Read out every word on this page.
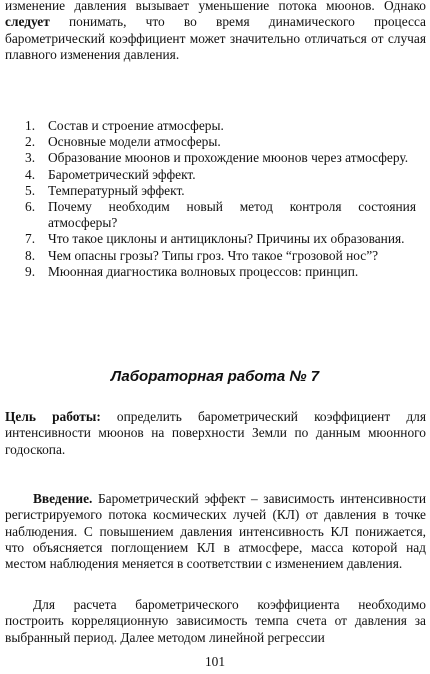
изменение давления вызывает уменьшение потока мюонов. Однако следует понимать, что во время динамического процесса барометрический коэффициент может значительно отличаться от случая плавного изменения давления.

1. Состав и строение атмосферы.
2. Основные модели атмосферы.
3. Образование мюонов и прохождение мюонов через атмосферу.
4. Барометрический эффект.
5. Температурный эффект.
6. Почему необходим новый метод контроля состояния атмосферы?
7. Что такое циклоны и антициклоны? Причины их образования.
8. Чем опасны грозы? Типы гроз. Что такое “грозовой нос”?
9. Мюонная диагностика волновых процессов: принцип.
Лабораторная работа № 7

Цель работы: определить барометрический коэффициент для интенсивности мюонов на поверхности Земли по данным мюонного годоскопа.

Введение. Барометрический эффект – зависимость интенсивности регистрируемого потока космических лучей (КЛ) от давления в точке наблюдения. С повышением давления интенсивность КЛ понижается, что объясняется поглощением КЛ в атмосфере, масса которой над местом наблюдения меняется в соответствии с изменением давления.

Для расчета барометрического коэффициента необходимо построить корреляционную зависимость темпа счета от давления за выбранный период. Далее методом линейной регрессии

101
